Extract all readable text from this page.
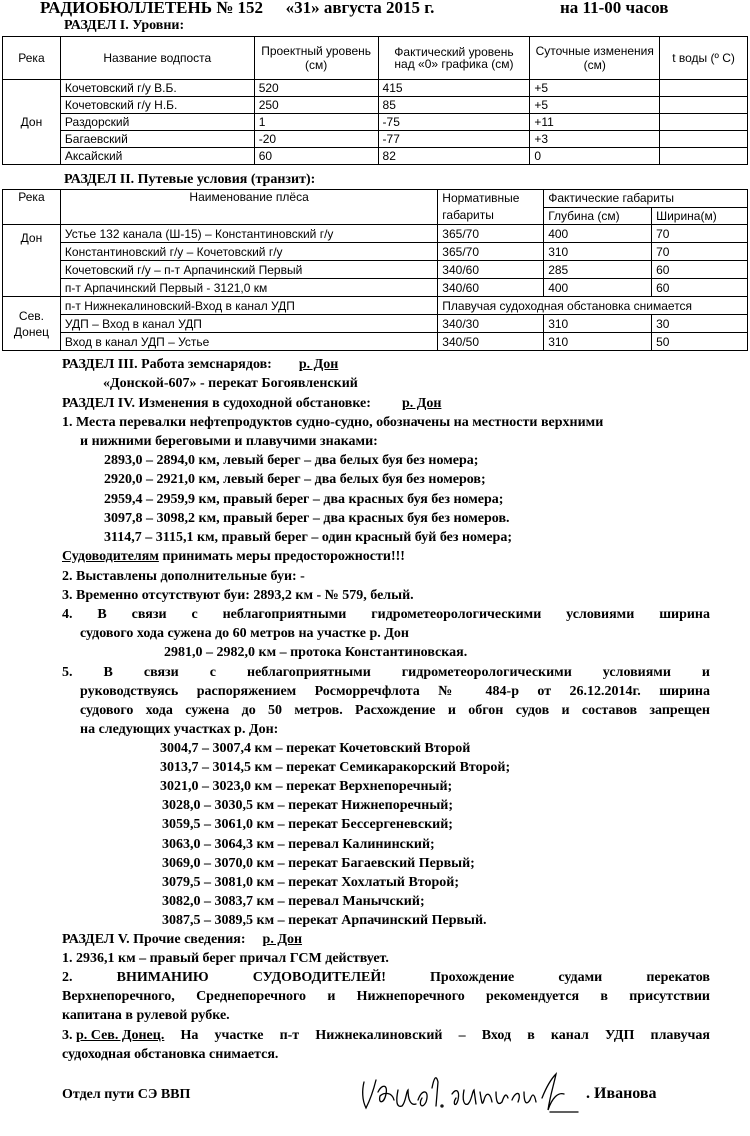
РАДИОБЮЛЛЕТЕНЬ № 152 «31» августа 2015 г.	на 11-00 часов
РАЗДЕЛ I. Уровни:
Река	Название водпоста	Проектный уровень (см)	Фактический уровень над «0» графика (см)	Суточные изменения (см)	t воды (º С)
Дон	Кочетовский г/у В.Б.	520	415	+5	
	Кочетовский г/у Н.Б.	250	85	+5	
	Раздорский	1	-75	+11	
	Багаевский	-20	-77	+3	
	Аксайский	60	82	0	
РАЗДЕЛ II. Путевые условия (транзит):
Река	Наименование плёса	Нормативные габариты	Фактические габариты	
			Глубина (см)	Ширина(м)
Дон	Устье 132 канала (Ш-15) – Константиновский г/у	365/70	400	70
	Константиновский г/у – Кочетовский г/у	365/70	310	70
	Кочетовский г/у – п-т Арпачинский Первый	340/60	285	60
	п-т Арпачинский Первый - 3121,0 км	340/60	400	60
Сев. Донец	п-т Нижнекалиновский-Вход в канал УДП	Плавучая судоходная обстановка снимается		
	УДП – Вход в канал УДП	340/30	310	30
	Вход в канал УДП – Устье	340/50	310	50
РАЗДЕЛ III. Работа земснарядов: р. Дон
«Донской-607» - перекат Богоявленский
РАЗДЕЛ IV. Изменения в судоходной обстановке: р. Дон
1. Места перевалки нефтепродуктов судно-судно, обозначены на местности верхними
и нижними береговыми и плавучими знаками:
2893,0 – 2894,0 км, левый берег – два белых буя без номера;
2920,0 – 2921,0 км, левый берег – два белых буя без номеров;
2959,4 – 2959,9 км, правый берег – два красных буя без номера;
3097,8 – 3098,2 км, правый берег – два красных буя без номеров.
3114,7 – 3115,1 км, правый берег – один красный буй без номера;
Судоводителям принимать меры предосторожности!!!
2. Выставлены дополнительные буи: -
3. Временно отсутствуют буи: 2893,2 км - № 579, белый.
4. В связи с неблагоприятными гидрометеорологическими условиями ширина
судового хода сужена до 60 метров на участке р. Дон
2981,0 – 2982,0 км – протока Константиновская.
5. В связи с неблагоприятными гидрометеорологическими условиями и
руководствуясь распоряжением Росморречфлота № 484-р от 26.12.2014г. ширина
судового хода сужена до 50 метров. Расхождение и обгон судов и составов запрещен
на следующих участках р. Дон:
3004,7 – 3007,4 км – перекат Кочетовский Второй
3013,7 – 3014,5 км – перекат Семикаракорский Второй;
3021,0 – 3023,0 км – перекат Верхнепоречный;
3028,0 – 3030,5 км – перекат Нижнепоречный;
3059,5 – 3061,0 км – перекат Бессергеневский;
3063,0 – 3064,3 км – перевал Калининский;
3069,0 – 3070,0 км – перекат Багаевский Первый;
3079,5 – 3081,0 км – перекат Хохлатый Второй;
3082,0 – 3083,7 км – перевал Манычский;
3087,5 – 3089,5 км – перекат Арпачинский Первый.
РАЗДЕЛ V. Прочие сведения: р. Дон
1. 2936,1 км – правый берег причал ГСМ действует.
2. ВНИМАНИЮ СУДОВОДИТЕЛЕЙ! Прохождение судами перекатов
Верхнепоречного, Среднепоречного и Нижнепоречного рекомендуется в присутствии
капитана в рулевой рубке.
3. р. Сев. Донец. На  участке  п-т  Нижнекалиновский  –  Вход  в  канал  УДП  плавучая
судоходная обстановка снимается.
Отдел пути СЭ ВВП	. Иванова
